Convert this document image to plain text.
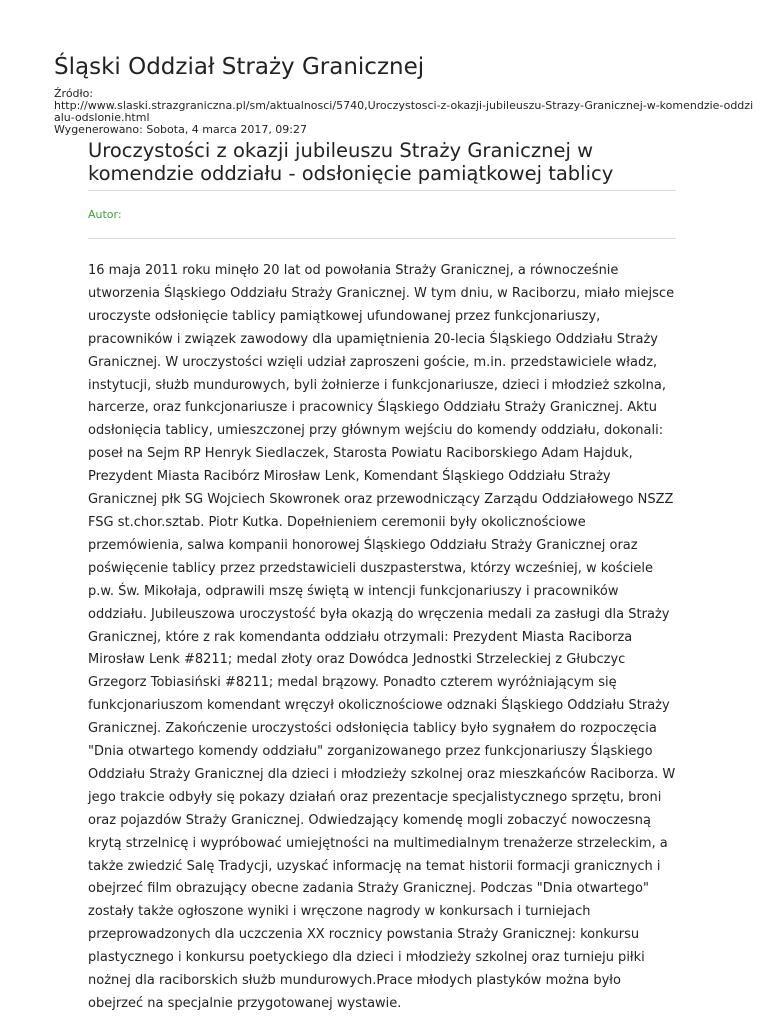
Śląski Oddział Straży Granicznej
Źródło:
http://www.slaski.strazgraniczna.pl/sm/aktualnosci/5740,Uroczystosci-z-okazji-jubileuszu-Strazy-Granicznej-w-komendzie-oddzialu-odslonie.html
Wygenerowano: Sobota, 4 marca 2017, 09:27
Uroczystości z okazji jubileuszu Straży Granicznej w komendzie oddziału - odsłonięcie pamiątkowej tablicy
Autor:

16 maja 2011 roku minęło 20 lat od powołania Straży Granicznej, a równocześnie utworzenia Śląskiego Oddziału Straży Granicznej. W tym dniu, w Raciborzu, miało miejsce uroczyste odsłonięcie tablicy pamiątkowej ufundowanej przez funkcjonariuszy, pracowników i związek zawodowy dla upamiętnienia 20-lecia Śląskiego Oddziału Straży Granicznej. W uroczystości wzięli udział zaproszeni goście, m.in. przedstawiciele władz, instytucji, służb mundurowych, byli żołnierze i funkcjonariusze, dzieci i młodzież szkolna, harcerze, oraz funkcjonariusze i pracownicy Śląskiego Oddziału Straży Granicznej. Aktu odsłonięcia tablicy, umieszczonej przy głównym wejściu do komendy oddziału, dokonali: poseł na Sejm RP Henryk Siedlaczek, Starosta Powiatu Raciborskiego Adam Hajduk, Prezydent Miasta Racibórz Mirosław Lenk, Komendant Śląskiego Oddziału Straży Granicznej płk SG Wojciech Skowronek oraz przewodniczący Zarządu Oddziałowego NSZZ FSG st.chor.sztab. Piotr Kutka. Dopełnieniem ceremonii były okolicznościowe przemówienia, salwa kompanii honorowej Śląskiego Oddziału Straży Granicznej oraz poświęcenie tablicy przez przedstawicieli duszpasterstwa, którzy wcześniej, w kościele p.w. Św. Mikołaja, odprawili mszę świętą w intencji funkcjonariuszy i pracowników oddziału. Jubileuszowa uroczystość była okazją do wręczenia medali za zasługi dla Straży Granicznej, które z rak komendanta oddziału otrzymali: Prezydent Miasta Raciborza Mirosław Lenk #8211; medal złoty oraz Dowódca Jednostki Strzeleckiej z Głubczyc Grzegorz Tobiasiński #8211; medal brązowy. Ponadto czterem wyróżniającym się funkcjonariuszom komendant wręczył okolicznościowe odznaki Śląskiego Oddziału Straży Granicznej. Zakończenie uroczystości odsłonięcia tablicy było sygnałem do rozpoczęcia "Dnia otwartego komendy oddziału" zorganizowanego przez funkcjonariuszy Śląskiego Oddziału Straży Granicznej dla dzieci i młodzieży szkolnej oraz mieszkańców Raciborza. W jego trakcie odbyły się pokazy działań oraz prezentacje specjalistycznego sprzętu, broni oraz pojazdów Straży Granicznej. Odwiedzający komendę mogli zobaczyć nowoczesną krytą strzelnicę i wypróbować umiejętności na multimedialnym trenażerze strzeleckim, a także zwiedzić Salę Tradycji, uzyskać informację na temat historii formacji granicznych i obejrzeć film obrazujący obecne zadania Straży Granicznej. Podczas "Dnia otwartego" zostały także ogłoszone wyniki i wręczone nagrody w konkursach i turniejach przeprowadzonych dla uczczenia XX rocznicy powstania Straży Granicznej: konkursu plastycznego i konkursu poetyckiego dla dzieci i młodzieży szkolnej oraz turnieju piłki nożnej dla raciborskich służb mundurowych.Prace młodych plastyków można było obejrzeć na specjalnie przygotowanej wystawie.
